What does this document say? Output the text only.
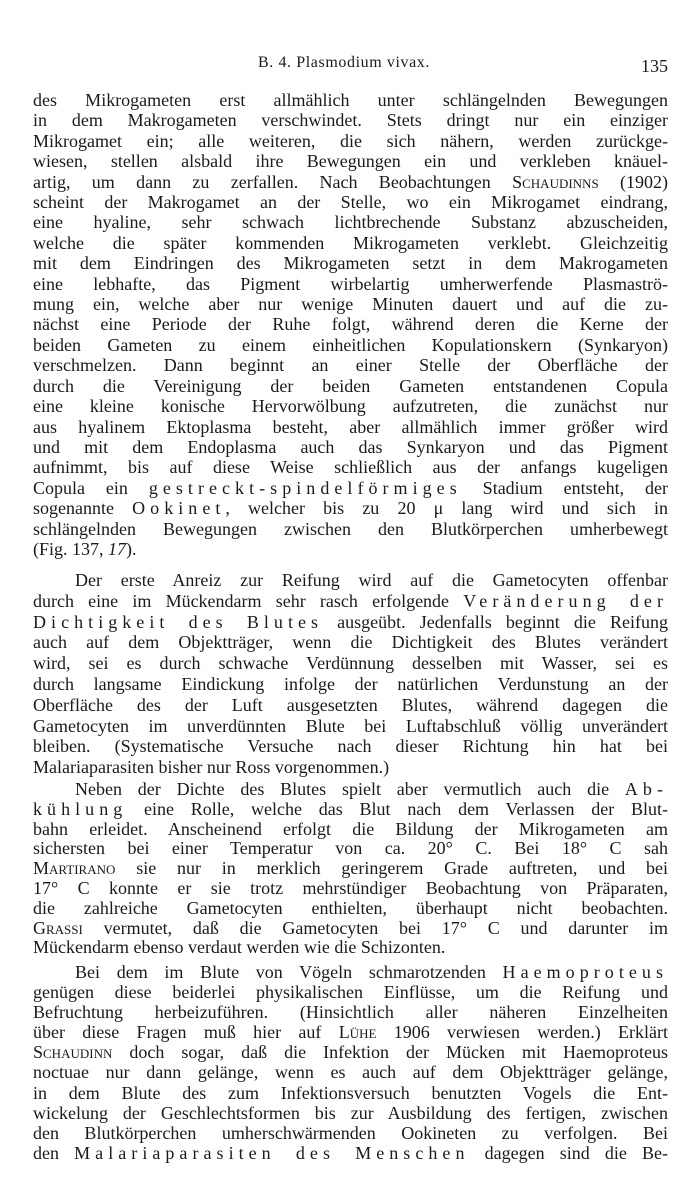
B. 4. Plasmodium vivax.	135
des Mikrogameten erst allmählich unter schlängelnden Bewegungen
in dem Makrogameten verschwindet. Stets dringt nur ein einziger
Mikrogamet ein; alle weiteren, die sich nähern, werden zurückge-
wiesen, stellen alsbald ihre Bewegungen ein und verkleben knäuel-
artig, um dann zu zerfallen. Nach Beobachtungen Schaudinns (1902)
scheint der Makrogamet an der Stelle, wo ein Mikrogamet eindrang,
eine hyaline, sehr schwach lichtbrechende Substanz abzuscheiden,
welche die später kommenden Mikrogameten verklebt. Gleichzeitig
mit dem Eindringen des Mikrogameten setzt in dem Makrogameten
eine lebhafte, das Pigment wirbelartig umherwerfende Plasmaströ-
mung ein, welche aber nur wenige Minuten dauert und auf die zu-
nächst eine Periode der Ruhe folgt, während deren die Kerne der
beiden Gameten zu einem einheitlichen Kopulationskern (Synkaryon)
verschmelzen. Dann beginnt an einer Stelle der Oberfläche der
durch die Vereinigung der beiden Gameten entstandenen Copula
eine kleine konische Hervorwölbung aufzutreten, die zunächst nur
aus hyalinem Ektoplasma besteht, aber allmählich immer größer wird
und mit dem Endoplasma auch das Synkaryon und das Pigment
aufnimmt, bis auf diese Weise schließlich aus der anfangs kugeligen
Copula ein gestreckt-spindelförmiges Stadium entsteht, der
sogenannte Ookinet, welcher bis zu 20 μ lang wird und sich in
schlängelnden Bewegungen zwischen den Blutkörperchen umherbewegt
(Fig. 137, 17).
Der erste Anreiz zur Reifung wird auf die Gametocyten offenbar
durch eine im Mückendarm sehr rasch erfolgende Veränderung der
Dichtigkeit des Blutes ausgeübt. Jedenfalls beginnt die Reifung
auch auf dem Objektträger, wenn die Dichtigkeit des Blutes verändert
wird, sei es durch schwache Verdünnung desselben mit Wasser, sei es
durch langsame Eindickung infolge der natürlichen Verdunstung an der
Oberfläche des der Luft ausgesetzten Blutes, während dagegen die
Gametocyten im unverdünnten Blute bei Luftabschluß völlig unverändert
bleiben. (Systematische Versuche nach dieser Richtung hin hat bei
Malariaparasiten bisher nur Ross vorgenommen.)
Neben der Dichte des Blutes spielt aber vermutlich auch die Ab-
kühlung eine Rolle, welche das Blut nach dem Verlassen der Blut-
bahn erleidet. Anscheinend erfolgt die Bildung der Mikrogameten am
sichersten bei einer Temperatur von ca. 20° C. Bei 18° C sah
Martirano sie nur in merklich geringerem Grade auftreten, und bei
17° C konnte er sie trotz mehrstündiger Beobachtung von Präparaten,
die zahlreiche Gametocyten enthielten, überhaupt nicht beobachten.
Grassi vermutet, daß die Gametocyten bei 17° C und darunter im
Mückendarm ebenso verdaut werden wie die Schizonten.
Bei dem im Blute von Vögeln schmarotzenden Haemoproteus
genügen diese beiderlei physikalischen Einflüsse, um die Reifung und
Befruchtung herbeizuführen. (Hinsichtlich aller näheren Einzelheiten
über diese Fragen muß hier auf Lühe 1906 verwiesen werden.) Erklärt
Schaudinn doch sogar, daß die Infektion der Mücken mit Haemoproteus
noctuae nur dann gelänge, wenn es auch auf dem Objektträger gelänge,
in dem Blute des zum Infektionsversuch benutzten Vogels die Ent-
wickelung der Geschlechtsformen bis zur Ausbildung des fertigen, zwischen
den Blutkörperchen umherschwärmenden Ookineten zu verfolgen. Bei
den Malariaparasiten des Menschen dagegen sind die Be-
